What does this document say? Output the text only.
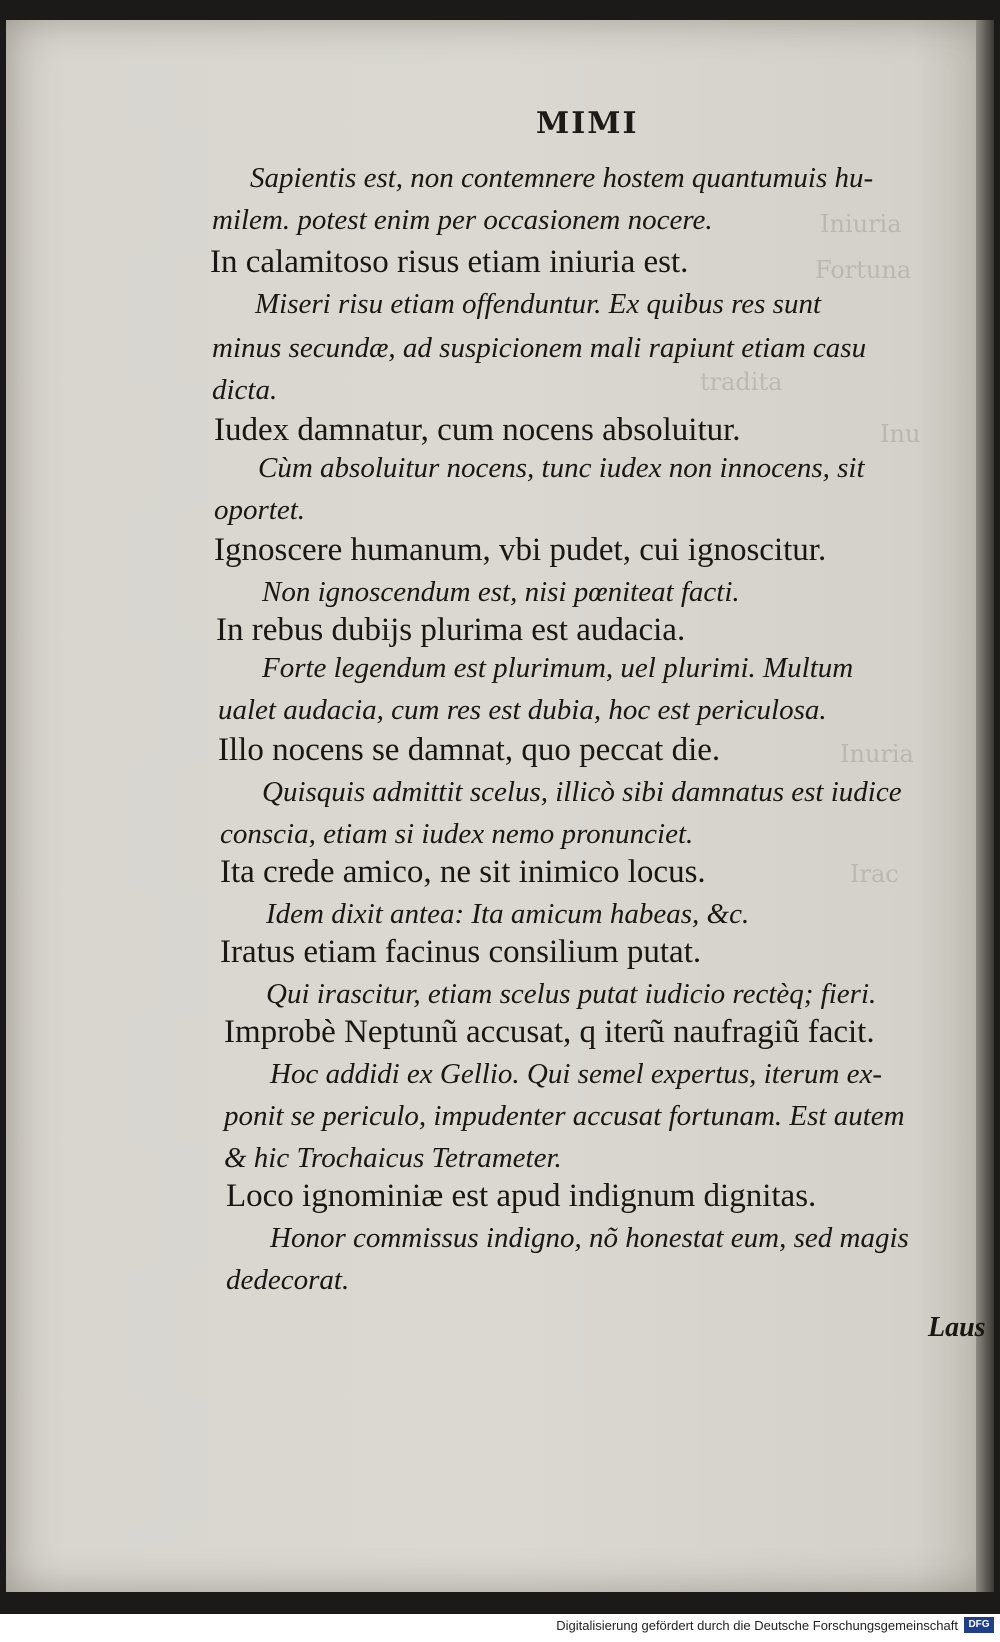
Iniuria
Fortuna
tradita
Inu
Inuria
Irac
MIMI
Sapientis est, non contemnere hostem quantumuis hu-
milem. potest enim per occasionem nocere.
In calamitoso risus etiam iniuria est.
Miseri risu etiam offenduntur. Ex quibus res sunt
minus secundæ, ad suspicionem mali rapiunt etiam casu
dicta.
Iudex damnatur, cum nocens absoluitur.
Cùm absoluitur nocens, tunc iudex non innocens, sit
oportet.
Ignoscere humanum, vbi pudet, cui ignoscitur.
Non ignoscendum est, nisi pœniteat facti.
In rebus dubijs plurima est audacia.
Forte legendum est plurimum, uel plurimi. Multum
ualet audacia, cum res est dubia, hoc est periculosa.
Illo nocens se damnat, quo peccat die.
Quisquis admittit scelus, illicò sibi damnatus est iudice
conscia, etiam si iudex nemo pronunciet.
Ita crede amico, ne sit inimico locus.
Idem dixit antea: Ita amicum habeas, &c.
Iratus etiam facinus consilium putat.
Qui irascitur, etiam scelus putat iudicio rectèq; fieri.
Improbè Neptunũ accusat, q iterũ naufragiũ facit.
Hoc addidi ex Gellio. Qui semel expertus, iterum ex-
ponit se periculo, impudenter accusat fortunam. Est autem
& hic Trochaicus Tetrameter.
Loco ignominiæ est apud indignum dignitas.
Honor commissus indigno, nõ honestat eum, sed magis
dedecorat.
Laus
Digitalisierung gefördert durch die Deutsche Forschungsgemeinschaft	DFG
